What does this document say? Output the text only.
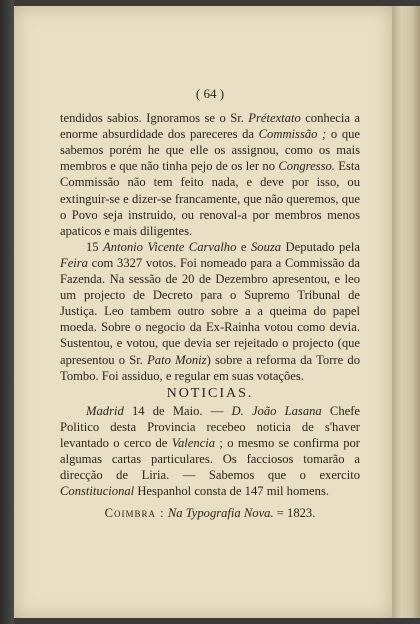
( 64 )

tendidos sabios. Ignoramos se o Sr. Prétextato conhecia a enorme absurdidade dos pareceres da Commissão ; o que sabemos porém he que elle os assignou, como os mais membros e que não tinha pejo de os ler no Congresso. Esta Commissão não tem feito nada, e deve por isso, ou extinguir-se e dizer-se francamente, que não queremos, que o Povo seja instruido, ou renoval-a por membros menos apaticos e mais diligentes.

15 Antonio Vicente Carvalho e Souza Deputado pela Feira com 3327 votos. Foi nomeado para a Commissão da Fazenda. Na sessão de 20 de Dezembro apresentou, e leo um projecto de Decreto para o Supremo Tribunal de Justiça. Leo tambem outro sobre a a queima do papel moeda. Sobre o negocio da Ex-Rainha votou como devia. Sustentou, e votou, que devia ser rejeitado o projecto (que apresentou o Sr. Pato Moniz) sobre a reforma da Torre do Tombo. Foi assiduo, e regular em suas votações.

NOTICIAS.

Madrid 14 de Maio. — D. João Lasana Chefe Politico desta Provincia recebeo noticia de s'haver levantado o cerco de Valencia ; o mesmo se confirma por algumas cartas particulares. Os facciosos tomarão a direcção de Liria. — Sabemos que o exercito Constitucional Hespanhol consta de 147 mil homens.

Coimbra : Na Typografia Nova. = 1823.
